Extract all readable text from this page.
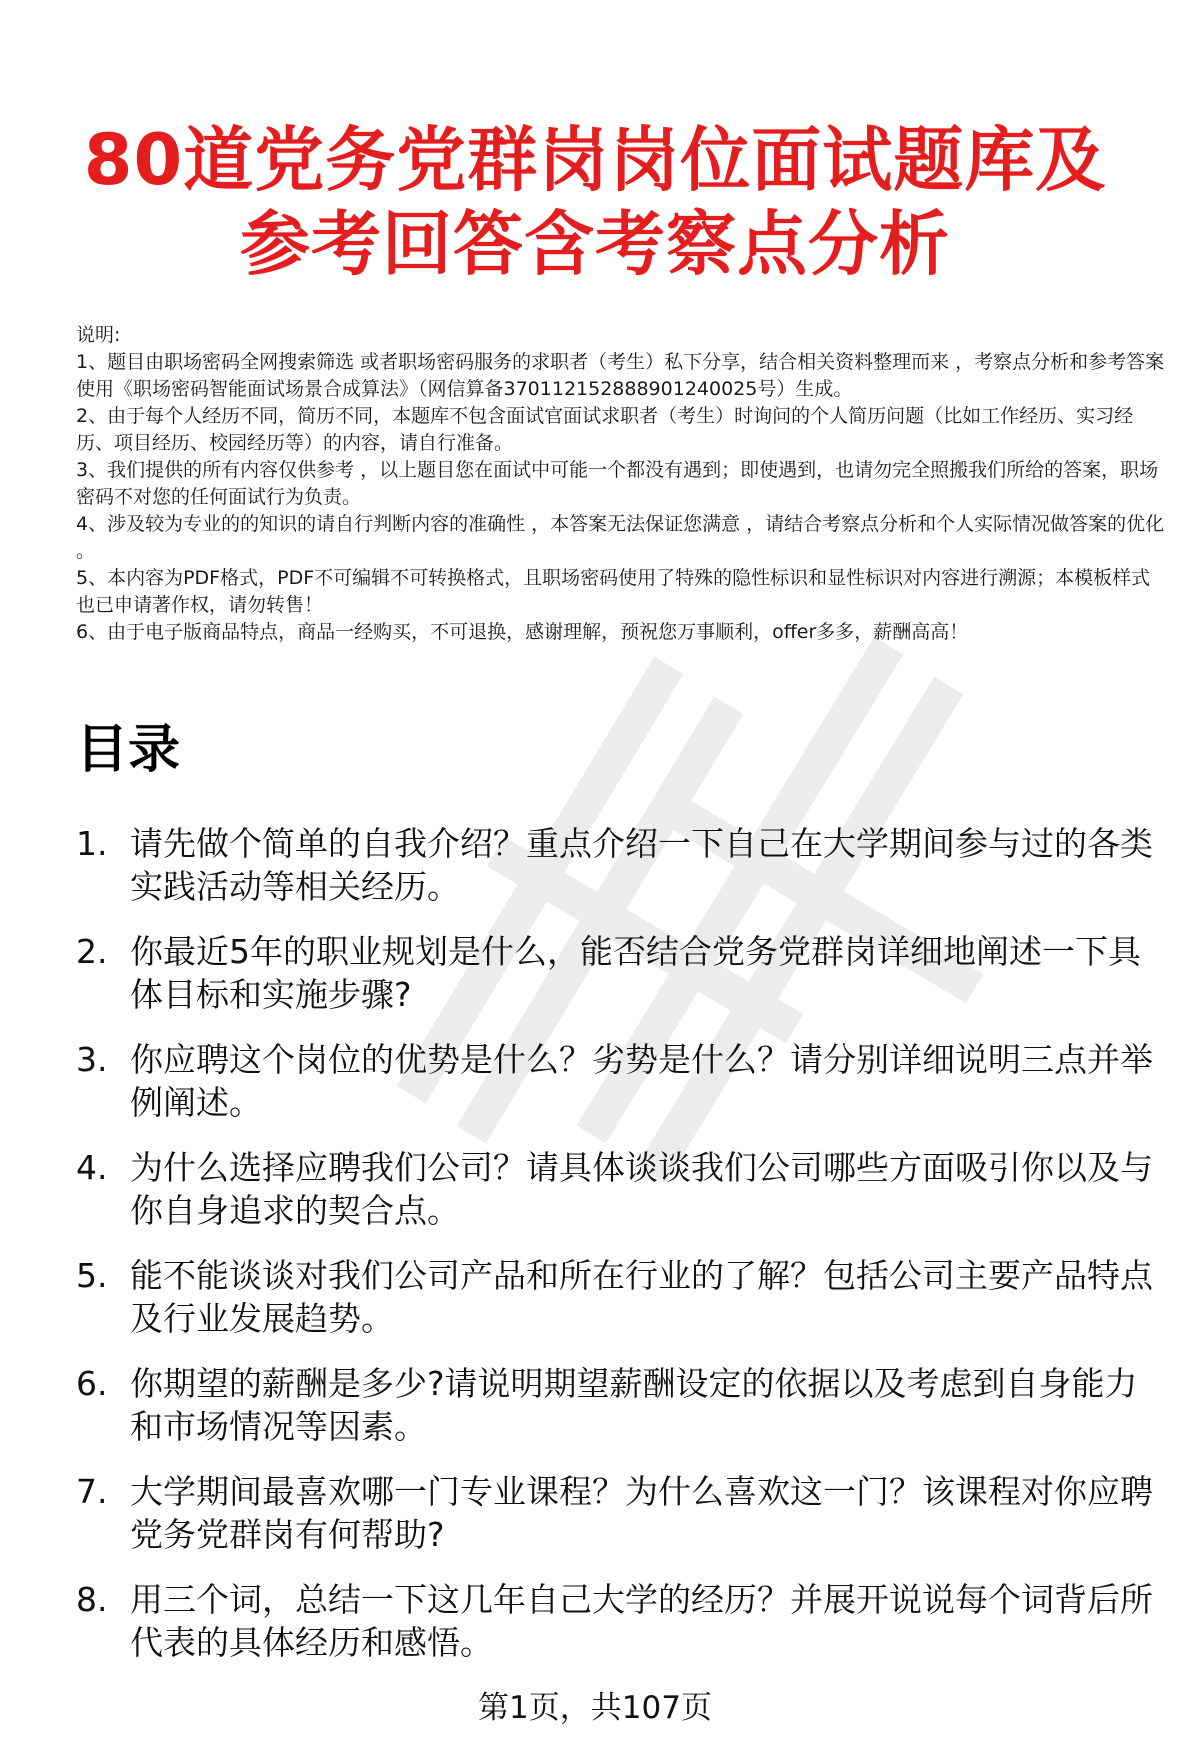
80道党务党群岗岗位面试题库及参考回答含考察点分析

说明:

1、题目由职场密码全网搜索筛选 或者职场密码服务的求职者（考生）私下分享，结合相关资料整理而来 ，考察点分析和参考答案使用《职场密码智能面试场景合成算法》（网信算备370112152888901240025号）生成。

2、由于每个人经历不同，简历不同，本题库不包含面试官面试求职者（考生）时询问的个人简历问题（比如工作经历、实习经历、项目经历、校园经历等）的内容，请自行准备。

3、我们提供的所有内容仅供参考 ，以上题目您在面试中可能一个都没有遇到；即使遇到，也请勿完全照搬我们所给的答案，职场密码不对您的任何面试行为负责。

4、涉及较为专业的的知识的请自行判断内容的准确性 ，本答案无法保证您满意 ，请结合考察点分析和个人实际情况做答案的优化 。

5、本内容为PDF格式，PDF不可编辑不可转换格式，且职场密码使用了特殊的隐性标识和显性标识对内容进行溯源；本模板样式也已申请著作权，请勿转售！

6、由于电子版商品特点，商品一经购买，不可退换，感谢理解，预祝您万事顺利，offer多多，薪酬高高！

目录
1. 请先做个简单的自我介绍？重点介绍一下自己在大学期间参与过的各类实践活动等相关经历。
2. 你最近5年的职业规划是什么，能否结合党务党群岗详细地阐述一下具体目标和实施步骤?
3. 你应聘这个岗位的优势是什么？劣势是什么？请分别详细说明三点并举例阐述。
4. 为什么选择应聘我们公司？请具体谈谈我们公司哪些方面吸引你以及与你自身追求的契合点。
5. 能不能谈谈对我们公司产品和所在行业的了解？包括公司主要产品特点及行业发展趋势。
6. 你期望的薪酬是多少?请说明期望薪酬设定的依据以及考虑到自身能力和市场情况等因素。
7. 大学期间最喜欢哪一门专业课程？为什么喜欢这一门？该课程对你应聘党务党群岗有何帮助?
8. 用三个词，总结一下这几年自己大学的经历？并展开说说每个词背后所代表的具体经历和感悟。
第1页，共107页
